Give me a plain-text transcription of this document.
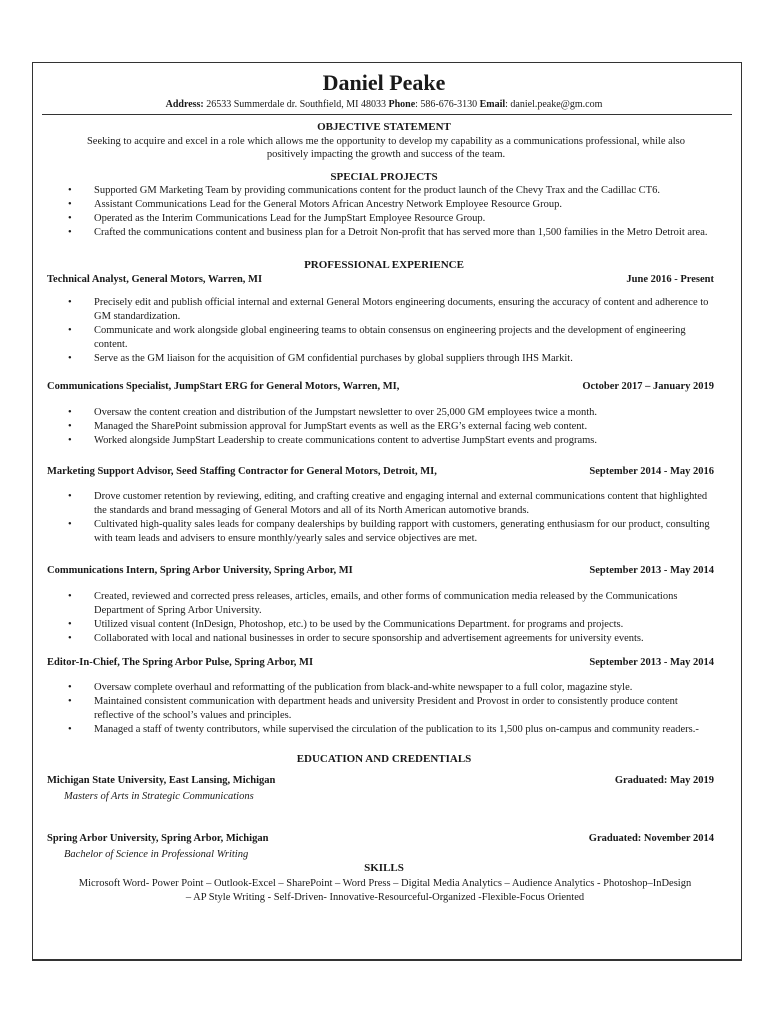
Daniel Peake
Address: 26533 Summerdale dr. Southfield, MI 48033 Phone: 586-676-3130 Email: daniel.peake@gm.com
OBJECTIVE STATEMENT
Seeking to acquire and excel in a role which allows me the opportunity to develop my capability as a communications professional, while also
positively impacting the growth and success of the team.
SPECIAL PROJECTS
• Supported GM Marketing Team by providing communications content for the product launch of the Chevy Trax and the Cadillac CT6.
• Assistant Communications Lead for the General Motors African Ancestry Network Employee Resource Group.
• Operated as the Interim Communications Lead for the JumpStart Employee Resource Group.
• Crafted the communications content and business plan for a Detroit Non-profit that has served more than 1,500 families in the Metro Detroit area.
PROFESSIONAL EXPERIENCE
Technical Analyst, General Motors, Warren, MI	June 2016 - Present
• Precisely edit and publish official internal and external General Motors engineering documents, ensuring the accuracy of content and adherence to GM standardization.
• Communicate and work alongside global engineering teams to obtain consensus on engineering projects and the development of engineering content.
• Serve as the GM liaison for the acquisition of GM confidential purchases by global suppliers through IHS Markit.
Communications Specialist, JumpStart ERG for General Motors, Warren, MI,	October 2017 – January 2019
• Oversaw the content creation and distribution of the Jumpstart newsletter to over 25,000 GM employees twice a month.
• Managed the SharePoint submission approval for JumpStart events as well as the ERG’s external facing web content.
• Worked alongside JumpStart Leadership to create communications content to advertise JumpStart events and programs.
Marketing Support Advisor, Seed Staffing Contractor for General Motors, Detroit, MI,	September 2014 - May 2016
• Drove customer retention by reviewing, editing, and crafting creative and engaging internal and external communications content that highlighted the standards and brand messaging of General Motors and all of its North American automotive brands.
• Cultivated high-quality sales leads for company dealerships by building rapport with customers, generating enthusiasm for our product, consulting with team leads and advisers to ensure monthly/yearly sales and service objectives are met.
Communications Intern, Spring Arbor University, Spring Arbor, MI	September 2013 - May 2014
• Created, reviewed and corrected press releases, articles, emails, and other forms of communication media released by the Communications Department of Spring Arbor University.
• Utilized visual content (InDesign, Photoshop, etc.) to be used by the Communications Department. for programs and projects.
• Collaborated with local and national businesses in order to secure sponsorship and advertisement agreements for university events.
Editor-In-Chief, The Spring Arbor Pulse, Spring Arbor, MI	September 2013 - May 2014
• Oversaw complete overhaul and reformatting of the publication from black-and-white newspaper to a full color, magazine style.
• Maintained consistent communication with department heads and university President and Provost in order to consistently produce content reflective of the school’s values and principles.
• Managed a staff of twenty contributors, while supervised the circulation of the publication to its 1,500 plus on-campus and community readers.-
EDUCATION AND CREDENTIALS
Michigan State University, East Lansing, Michigan	Graduated: May 2019
Masters of Arts in Strategic Communications
Spring Arbor University, Spring Arbor, Michigan	Graduated: November 2014
Bachelor of Science in Professional Writing
SKILLS
Microsoft Word- Power Point – Outlook-Excel – SharePoint – Word Press – Digital Media Analytics – Audience Analytics - Photoshop–InDesign
– AP Style Writing - Self-Driven- Innovative-Resourceful-Organized -Flexible-Focus Oriented
